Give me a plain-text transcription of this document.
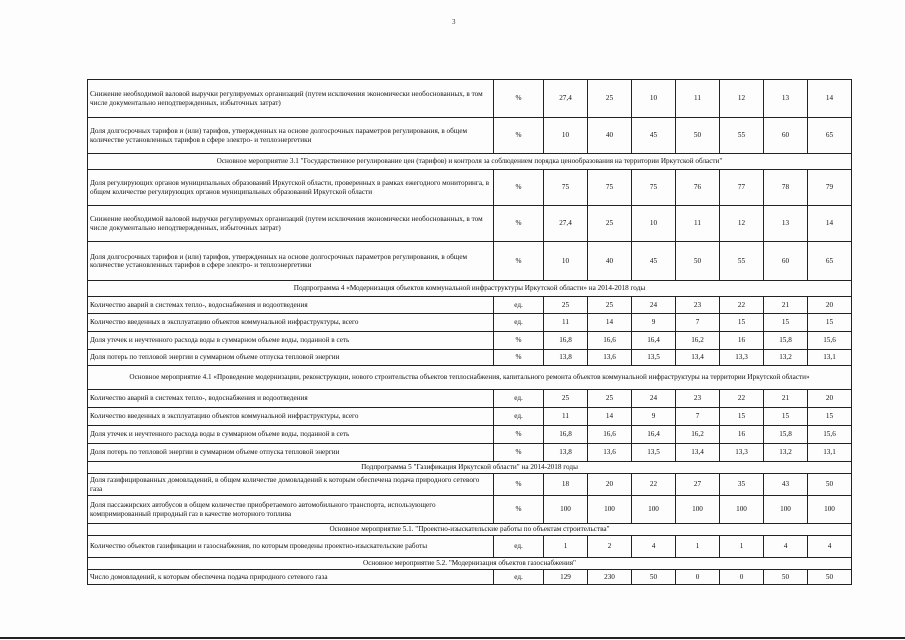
3
Снижение необходимой валовой выручки регулируемых организаций (путем исключения экономически необоснованных, в том числе документально неподтвержденных, избыточных затрат)	%	27,4	25	10	11	12	13	14
Доля долгосрочных тарифов и (или) тарифов, утвержденных на основе долгосрочных параметров регулирования, в общем количестве установленных тарифов в сфере электро- и теплоэнергетики	%	10	40	45	50	55	60	65
Основное мероприятие 3.1 "Государственное регулирование цен (тарифов) и контроля за соблюдением порядка ценообразования на территории Иркутской области"								
Доля регулирующих органов муниципальных образований Иркутской области, проверенных в рамках ежегодного мониторинга, в общем количестве регулирующих органов муниципальных образований Иркутской области	%	75	75	75	76	77	78	79
Снижение необходимой валовой выручки регулируемых организаций (путем исключения экономически необоснованных, в том числе документально неподтвержденных, избыточных затрат)	%	27,4	25	10	11	12	13	14
Доля долгосрочных тарифов и (или) тарифов, утвержденных на основе долгосрочных параметров регулирования, в общем количестве установленных тарифов в сфере электро- и теплоэнергетики	%	10	40	45	50	55	60	65
Подпрограмма 4 «Модернизация объектов коммунальной инфраструктуры Иркутской области» на 2014-2018 годы								
Количество аварий в системах тепло-, водоснабжения и водоотведения	ед.	25	25	24	23	22	21	20
Количество введенных в эксплуатацию объектов коммунальной инфраструктуры, всего	ед.	11	14	9	7	15	15	15
Доля утечек и неучтенного расхода воды в суммарном объеме воды, поданной в сеть	%	16,8	16,6	16,4	16,2	16	15,8	15,6
Доля потерь по тепловой энергии в суммарном объеме отпуска тепловой энергии	%	13,8	13,6	13,5	13,4	13,3	13,2	13,1
Основное мероприятие 4.1 «Проведение модернизации, реконструкции, нового строительства объектов теплоснабжения, капитального ремонта объектов коммунальной инфраструктуры на территории Иркутской области»								
Количество аварий в системах тепло-, водоснабжения и водоотведения	ед.	25	25	24	23	22	21	20
Количество введенных в эксплуатацию объектов коммунальной инфраструктуры, всего	ед.	11	14	9	7	15	15	15
Доля утечек и неучтенного расхода воды в суммарном объеме воды, поданной в сеть	%	16,8	16,6	16,4	16,2	16	15,8	15,6
Доля потерь по тепловой энергии в суммарном объеме отпуска тепловой энергии	%	13,8	13,6	13,5	13,4	13,3	13,2	13,1
Подпрограмма 5 "Газификация Иркутской области" на 2014-2018 годы								
Доля газифицированных домовладений, в общем количестве домовладений к которым обеспечена подача природного сетевого газа	%	18	20	22	27	35	43	50
Доля пассажирских автобусов в общем количестве приобретаемого автомобильного транспорта, использующего компримированный природный газ в качестве моторного топлива	%	100	100	100	100	100	100	100
Основное мероприятие 5.1. "Проектно-изыскательские работы по объектам строительства"								
Количество объектов газификации и газоснабжения, по которым проведены проектно-изыскательские работы	ед.	1	2	4	1	1	4	4
Основное мероприятие 5.2. "Модернизация объектов газоснабжения"								
Число домовладений, к которым обеспечена подача природного сетевого газа	ед.	129	230	50	0	0	50	50
